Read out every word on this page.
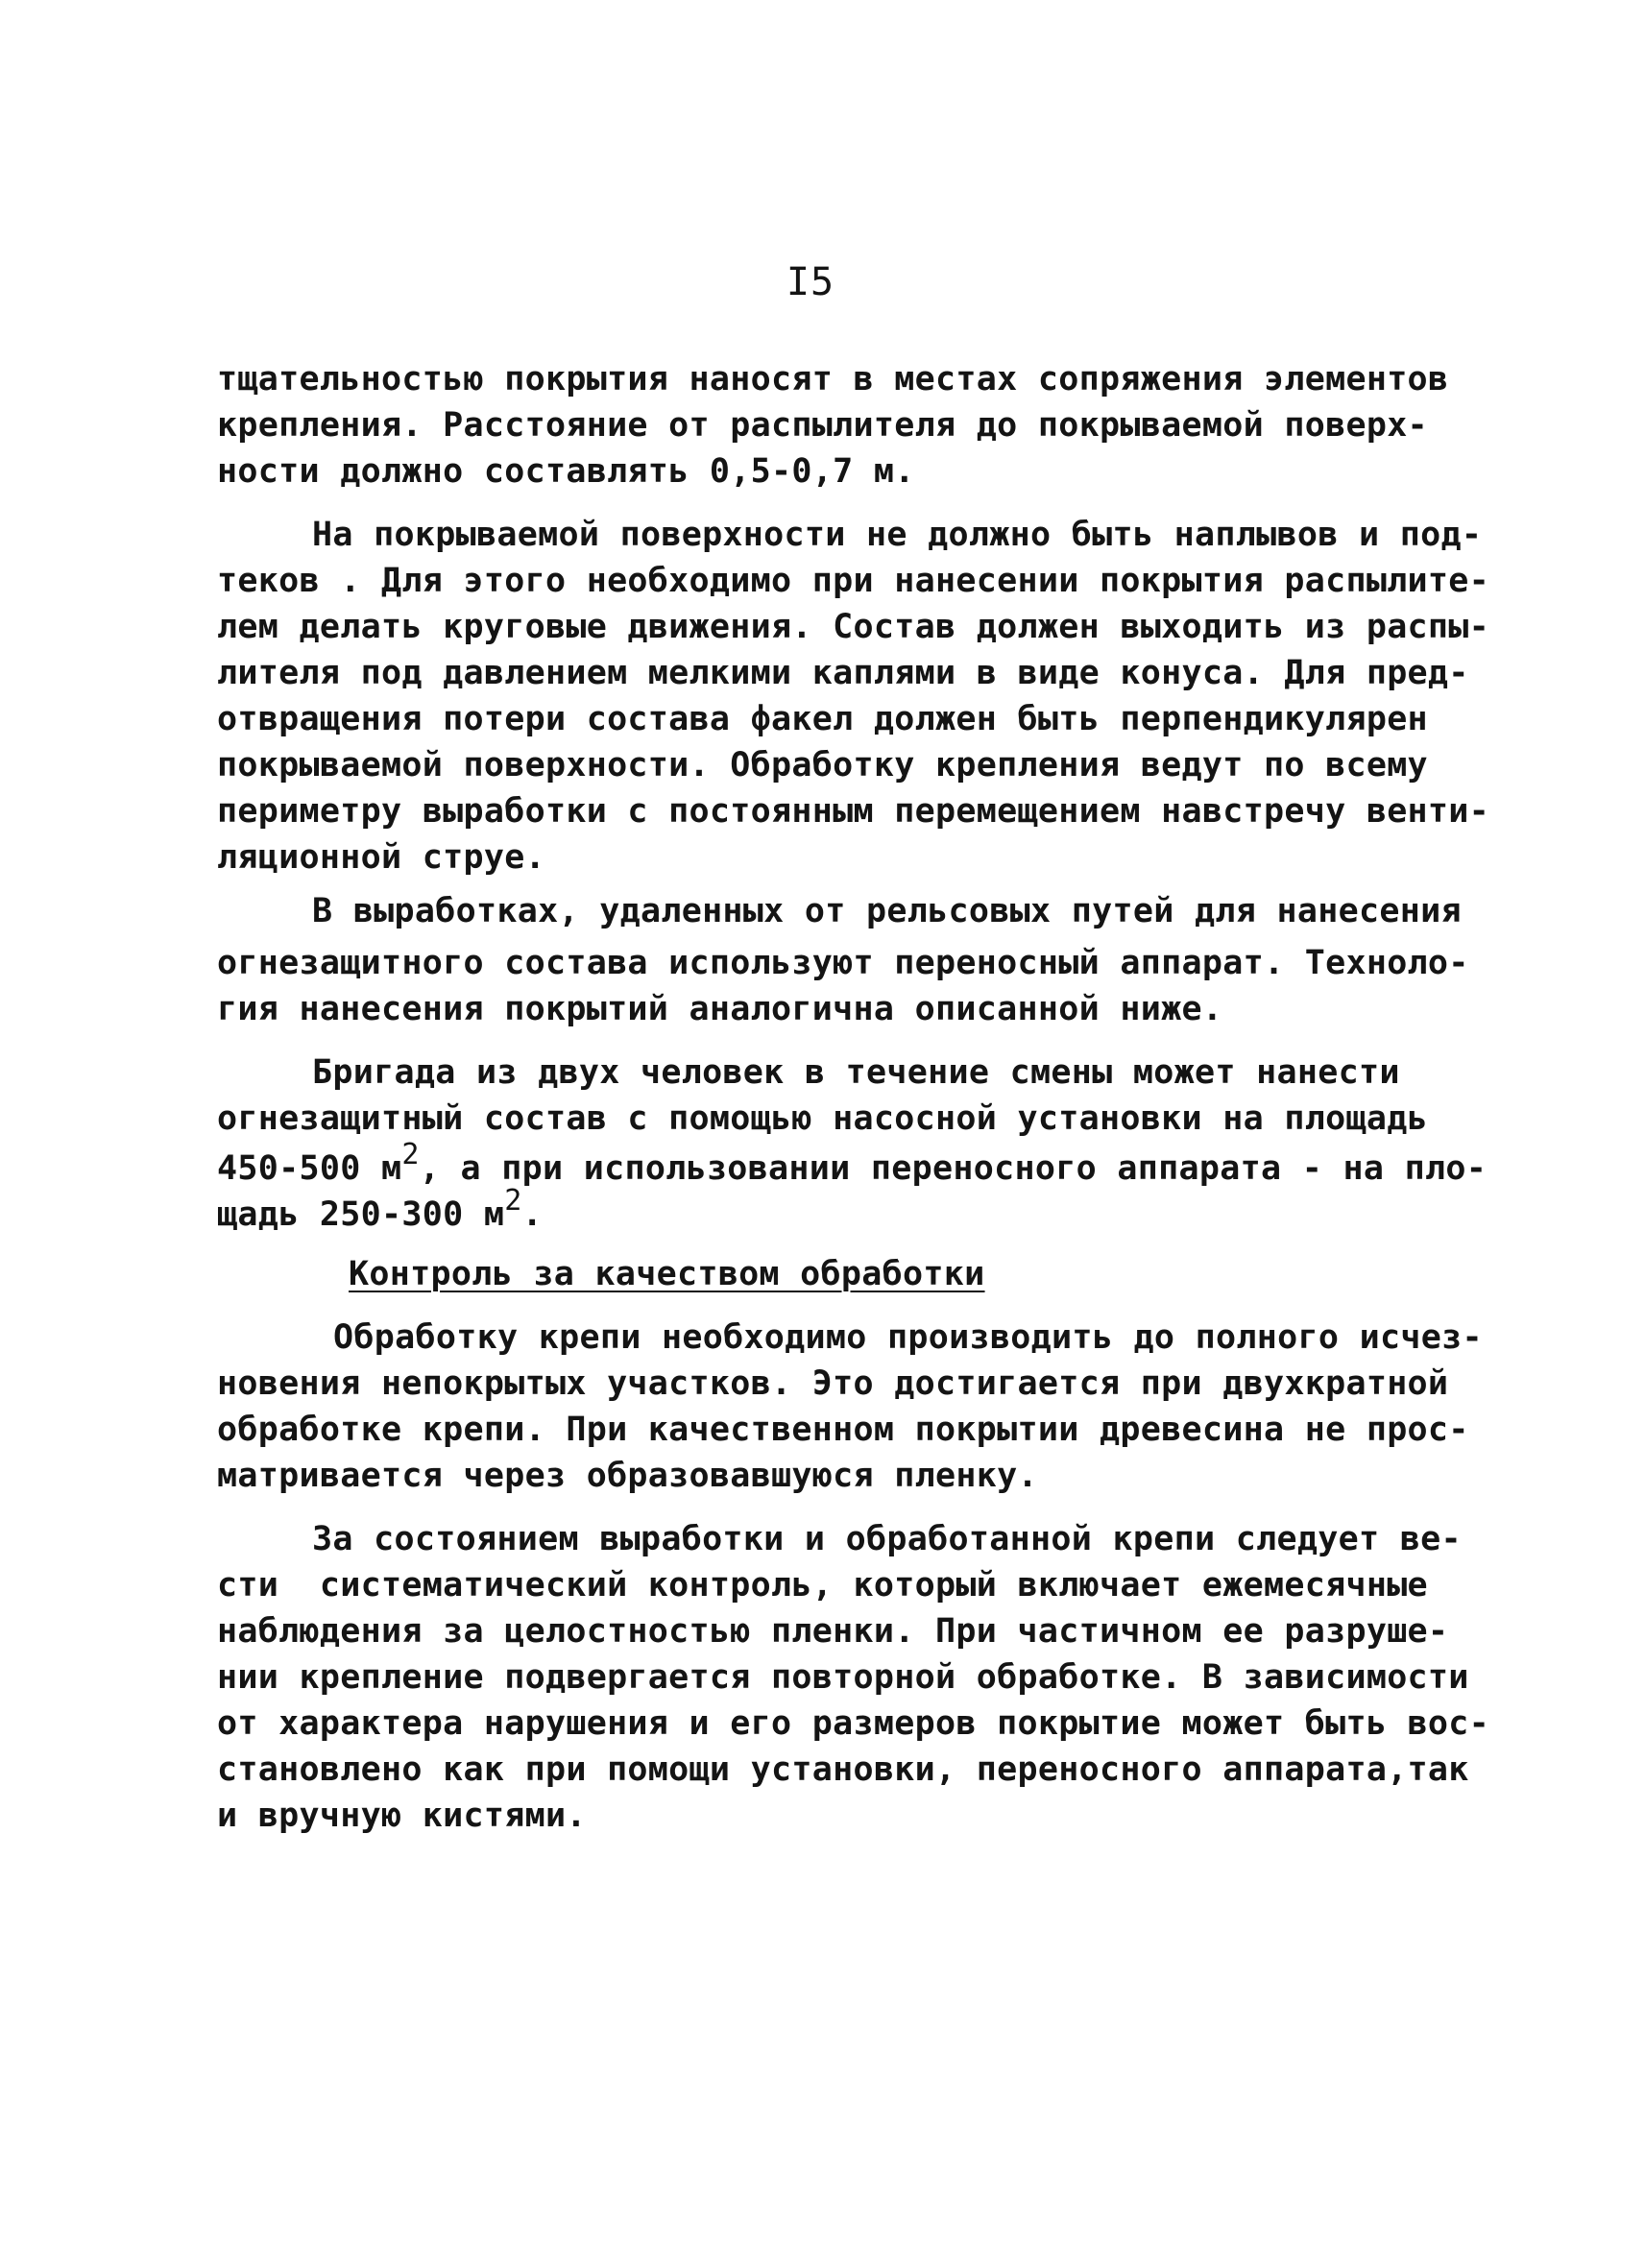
I5
тщательностью покрытия наносят в местах сопряжения элементов
крепления. Расстояние от распылителя до покрываемой поверх-
ности должно составлять 0,5-0,7 м.
На покрываемой поверхности не должно быть наплывов и под-
теков . Для этого необходимо при нанесении покрытия распылите-
лем делать круговые движения. Состав должен выходить из распы-
лителя под давлением мелкими каплями в виде конуса. Для пред-
отвращения потери состава факел должен быть перпендикулярен
покрываемой поверхности. Обработку крепления ведут по всему
периметру выработки с постоянным перемещением навстречу венти-
ляционной струе.
В выработках, удаленных от рельсовых путей для нанесения
огнезащитного состава используют переносный аппарат. Техноло-
гия нанесения покрытий аналогична описанной ниже.
Бригада из двух человек в течение смены может нанести
огнезащитный состав с помощью насосной установки на площадь
450-500 $м^2$, а при использовании переносного аппарата - на пло-
щадь 250-300 $м^2$.
Контроль за качеством обработки
Обработку крепи необходимо производить до полного исчез-
новения непокрытых участков. Это достигается при двухкратной
обработке крепи. При качественном покрытии древесина не прос-
матривается через образовавшуюся пленку.
За состоянием выработки и обработанной крепи следует ве-
сти  систематический контроль, который включает ежемесячные
наблюдения за целостностью пленки. При частичном ее разруше-
нии крепление подвергается повторной обработке. В зависимости
от характера нарушения и его размеров покрытие может быть вос-
становлено как при помощи установки, переносного аппарата,так
и вручную кистями.
